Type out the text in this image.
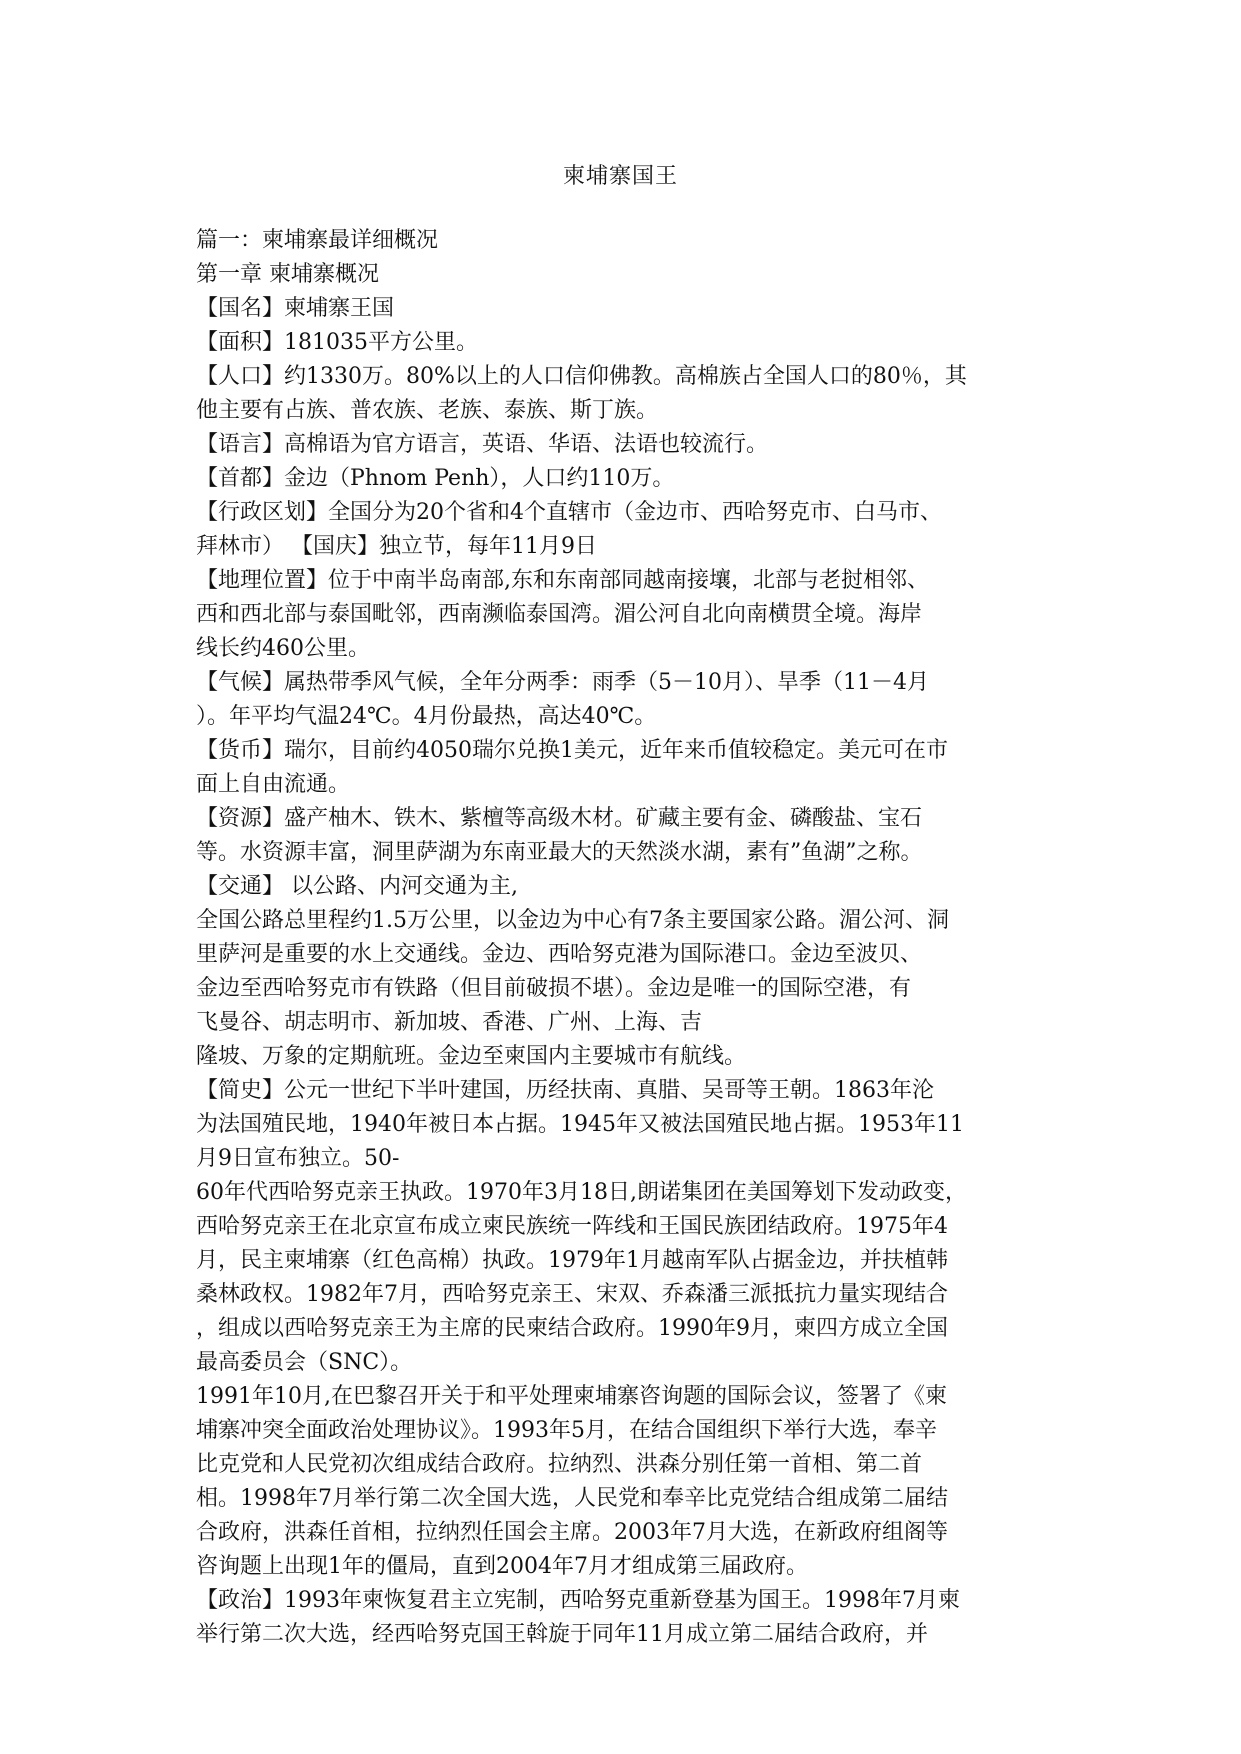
柬埔寨国王
篇一：柬埔寨最详细概况
第一章 柬埔寨概况
【国名】柬埔寨王国
【面积】181035平方公里。
【人口】约1330万。80%以上的人口信仰佛教。高棉族占全国人口的80％，其
他主要有占族、普农族、老族、泰族、斯丁族。
【语言】高棉语为官方语言，英语、华语、法语也较流行。
【首都】金边（Phnom Penh），人口约110万。
【行政区划】全国分为20个省和4个直辖市（金边市、西哈努克市、白马市、
拜林市） 【国庆】独立节，每年11月9日
【地理位置】位于中南半岛南部,东和东南部同越南接壤，北部与老挝相邻、
西和西北部与泰国毗邻，西南濒临泰国湾。湄公河自北向南横贯全境。海岸
线长约460公里。
【气候】属热带季风气候，全年分两季：雨季（5－10月）、旱季（11－4月
）。年平均气温24℃。4月份最热，高达40℃。
【货币】瑞尔，目前约4050瑞尔兑换1美元，近年来币值较稳定。美元可在市
面上自由流通。
【资源】盛产柚木、铁木、紫檀等高级木材。矿藏主要有金、磷酸盐、宝石
等。水资源丰富，洞里萨湖为东南亚最大的天然淡水湖，素有”鱼湖”之称。
【交通】 以公路、内河交通为主,
全国公路总里程约1.5万公里，以金边为中心有7条主要国家公路。湄公河、洞
里萨河是重要的水上交通线。金边、西哈努克港为国际港口。金边至波贝、
金边至西哈努克市有铁路（但目前破损不堪）。金边是唯一的国际空港，有
飞曼谷、胡志明市、新加坡、香港、广州、上海、吉
隆坡、万象的定期航班。金边至柬国内主要城市有航线。
【简史】公元一世纪下半叶建国，历经扶南、真腊、吴哥等王朝。1863年沦
为法国殖民地，1940年被日本占据。1945年又被法国殖民地占据。1953年11
月9日宣布独立。50-
60年代西哈努克亲王执政。1970年3月18日,朗诺集团在美国筹划下发动政变，
西哈努克亲王在北京宣布成立柬民族统一阵线和王国民族团结政府。1975年4
月，民主柬埔寨（红色高棉）执政。1979年1月越南军队占据金边，并扶植韩
桑林政权。1982年7月，西哈努克亲王、宋双、乔森潘三派抵抗力量实现结合
，组成以西哈努克亲王为主席的民柬结合政府。1990年9月，柬四方成立全国
最高委员会（SNC）。
1991年10月,在巴黎召开关于和平处理柬埔寨咨询题的国际会议，签署了《柬
埔寨冲突全面政治处理协议》。1993年5月，在结合国组织下举行大选，奉辛
比克党和人民党初次组成结合政府。拉纳烈、洪森分别任第一首相、第二首
相。1998年7月举行第二次全国大选，人民党和奉辛比克党结合组成第二届结
合政府，洪森任首相，拉纳烈任国会主席。2003年7月大选，在新政府组阁等
咨询题上出现1年的僵局，直到2004年7月才组成第三届政府。
【政治】1993年柬恢复君主立宪制，西哈努克重新登基为国王。1998年7月柬
举行第二次大选，经西哈努克国王斡旋于同年11月成立第二届结合政府，并
